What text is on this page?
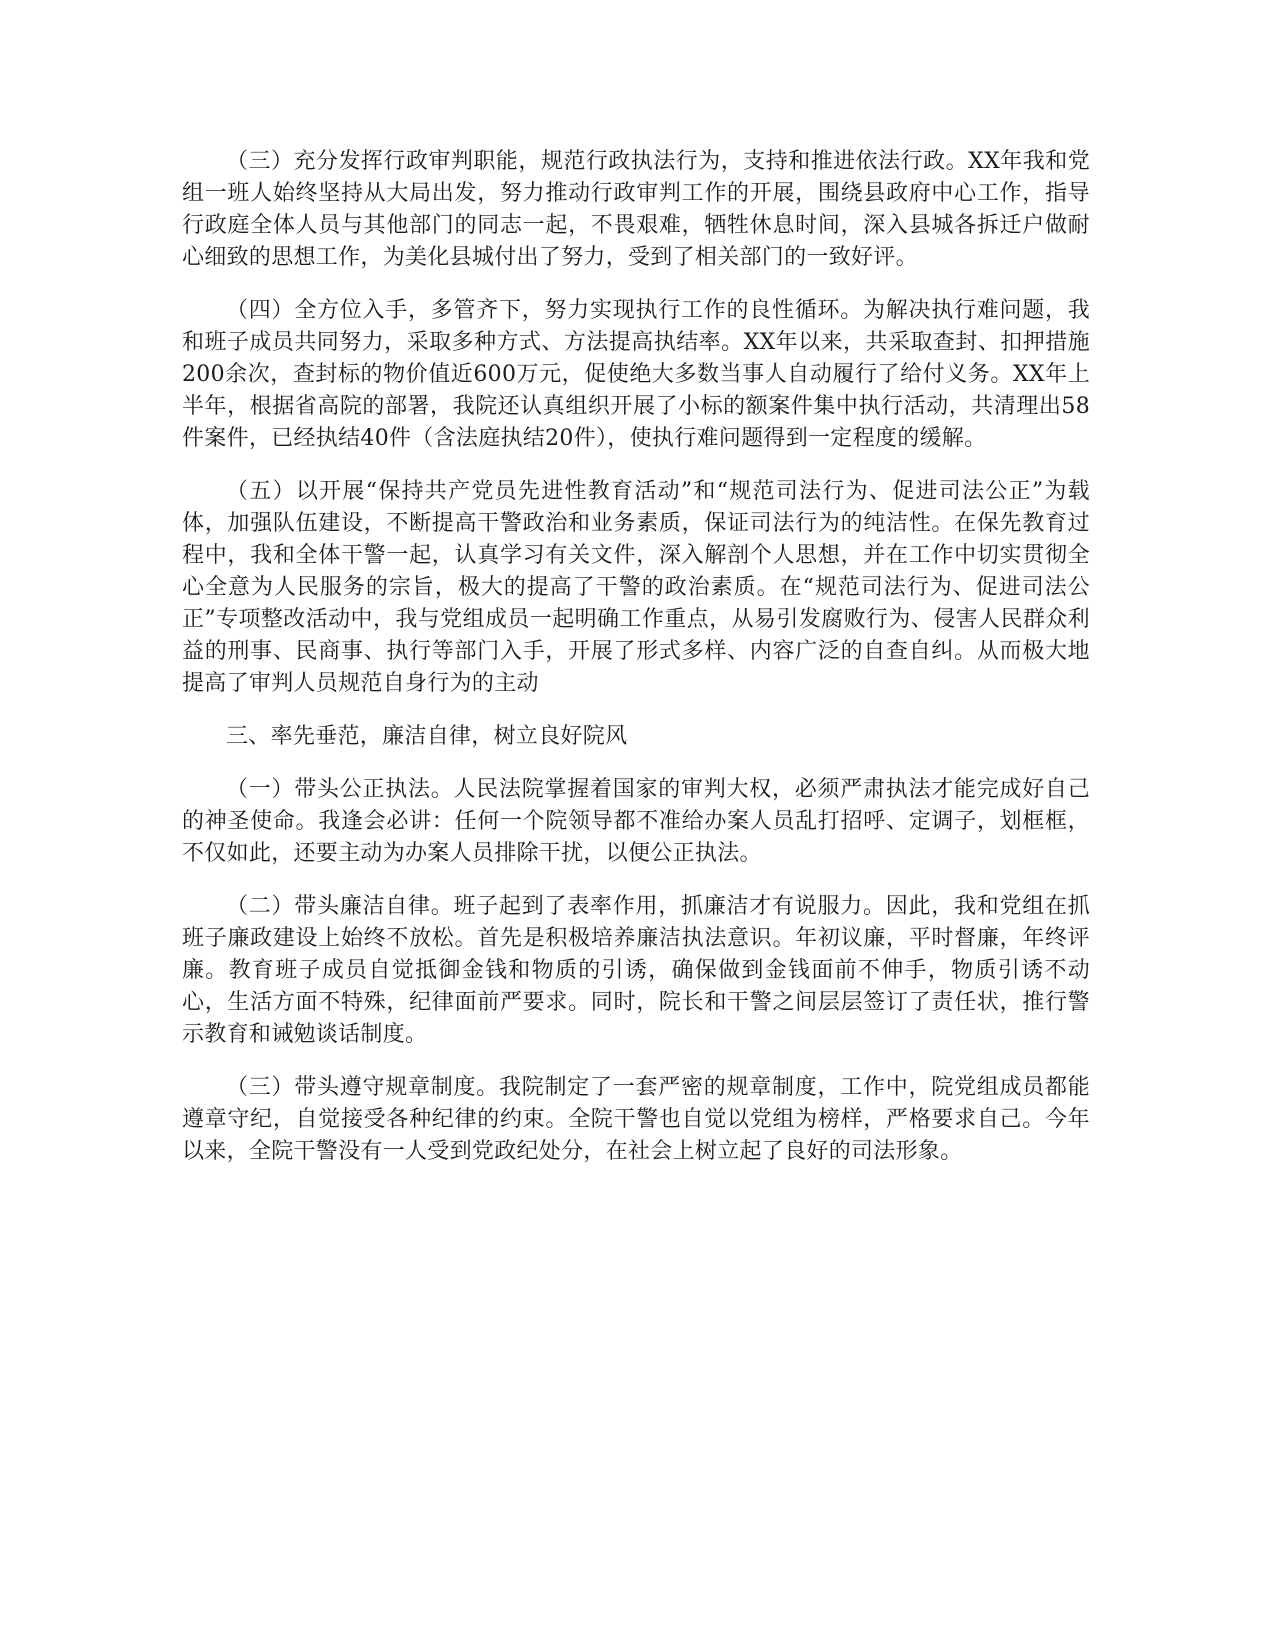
（三）充分发挥行政审判职能，规范行政执法行为，支持和推进依法行政。XX年我和党组一班人始终坚持从大局出发，努力推动行政审判工作的开展，围绕县政府中心工作，指导行政庭全体人员与其他部门的同志一起，不畏艰难，牺牲休息时间，深入县城各拆迁户做耐心细致的思想工作，为美化县城付出了努力，受到了相关部门的一致好评。

（四）全方位入手，多管齐下，努力实现执行工作的良性循环。为解决执行难问题，我和班子成员共同努力，采取多种方式、方法提高执结率。XX年以来，共采取查封、扣押措施200余次，查封标的物价值近600万元，促使绝大多数当事人自动履行了给付义务。XX年上半年，根据省高院的部署，我院还认真组织开展了小标的额案件集中执行活动，共清理出58件案件，已经执结40件（含法庭执结20件），使执行难问题得到一定程度的缓解。

（五）以开展“保持共产党员先进性教育活动”和“规范司法行为、促进司法公正”为载体，加强队伍建设，不断提高干警政治和业务素质，保证司法行为的纯洁性。在保先教育过程中，我和全体干警一起，认真学习有关文件，深入解剖个人思想，并在工作中切实贯彻全心全意为人民服务的宗旨，极大的提高了干警的政治素质。在“规范司法行为、促进司法公正”专项整改活动中，我与党组成员一起明确工作重点，从易引发腐败行为、侵害人民群众利益的刑事、民商事、执行等部门入手，开展了形式多样、内容广泛的自查自纠。从而极大地提高了审判人员规范自身行为的主动

三、率先垂范，廉洁自律，树立良好院风

（一）带头公正执法。人民法院掌握着国家的审判大权，必须严肃执法才能完成好自己的神圣使命。我逢会必讲：任何一个院领导都不准给办案人员乱打招呼、定调子，划框框，不仅如此，还要主动为办案人员排除干扰，以便公正执法。

（二）带头廉洁自律。班子起到了表率作用，抓廉洁才有说服力。因此，我和党组在抓班子廉政建设上始终不放松。首先是积极培养廉洁执法意识。年初议廉，平时督廉，年终评廉。教育班子成员自觉抵御金钱和物质的引诱，确保做到金钱面前不伸手，物质引诱不动心，生活方面不特殊，纪律面前严要求。同时，院长和干警之间层层签订了责任状，推行警示教育和诫勉谈话制度。

（三）带头遵守规章制度。我院制定了一套严密的规章制度，工作中，院党组成员都能遵章守纪，自觉接受各种纪律的约束。全院干警也自觉以党组为榜样，严格要求自己。今年以来，全院干警没有一人受到党政纪处分，在社会上树立起了良好的司法形象。
